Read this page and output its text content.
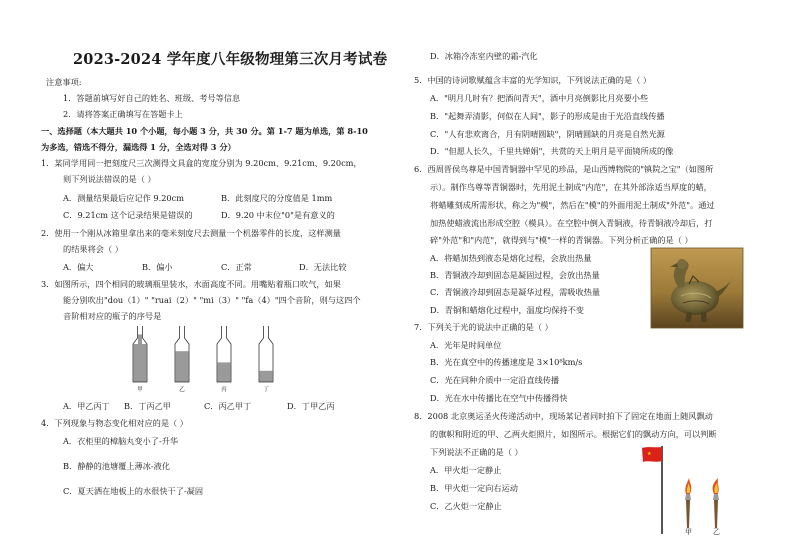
2023-2024 学年度八年级物理第三次月考试卷
注意事项:
1．答题前填写好自己的姓名、班级、考号等信息
2．请将答案正确填写在答题卡上
一、选择题（本大题共 10 个小题，每小题 3 分，共 30 分。第 1-7 题为单选，第 8-10
为多选，错选不得分，漏选得 1 分，全选对得 3 分）
1．某同学用同一把刻度尺三次测得文具盒的宽度分别为 9.20cm、9.21cm、9.20cm，
则下列说法错误的是（ ）
A．测量结果最后应记作 9.20cm	B．此刻度尺的分度值是 1mm
C．9.21cm 这个记录结果是错误的	D．9.20 中末位"0"是有意义的
2．使用一个刚从冰箱里拿出来的毫米刻度尺去测量一个机器零件的长度，这样测量
的结果将会（ ）
A．偏大	B．偏小	C．正常	D．无法比较
3．如图所示，四个相同的玻璃瓶里装水，水面高度不同。用嘴贴着瓶口吹气，如果
能分别吹出"dou（1）" "ruai（2）" "mi（3）" "fa（4）"四个音阶，则与这四个
音阶相对应的瓶子的序号是
甲	乙	丙	丁
A．甲乙丙丁 B．丁丙乙甲	C．丙乙甲丁	D．丁甲乙丙
4．下列现象与物态变化相对应的是（ ）
A．衣柜里的樟脑丸变小了-升华
B．静静的池塘覆上薄冰-液化
C．夏天洒在地板上的水很快干了-凝固
D．冰箱冷冻室内壁的霜-汽化
5．中国的诗词歌赋蕴含丰富的光学知识，下列说法正确的是（ ）
A．"明月几时有？把酒问青天"，酒中月亮倒影比月亮要小些
B．"起舞弄清影，何似在人间"，影子的形成是由于光沿直线传播
C．"人有悲欢离合，月有阴晴圆缺"，阴晴圆缺的月亮是自然光源
D．"但愿人长久，千里共婵娟"，共赏的天上明月是平面镜所成的像
6．西周晋侯鸟尊是中国青铜器中罕见的珍品，是山西博物院的"镇院之宝"（如图所
示）。制作鸟尊等青铜器时，先用泥土制成"内范"，在其外部涂适当厚度的蜡，
将蜡雕刻成所需形状，称之为"模"，然后在"模"的外面用泥土制成"外范"。通过
加热使蜡液流出形成空腔（模具）。在空腔中倒入青铜液，待青铜液冷却后，打
碎"外范"和"内范"，就得到与"模"一样的青铜器。下列分析正确的是（ ）
A．将蜡加热到液态是熔化过程，会放出热量
B．青铜液冷却到固态是凝固过程，会放出热量
C．青铜液冷却到固态是凝华过程，需吸收热量
D．青铜和蜡熔化过程中，温度均保持不变
7．下列关于光的说法中正确的是（ ）
A．光年是时间单位
B．光在真空中的传播速度是 3×10⁸km/s
C．光在同种介质中一定沿直线传播
D．光在水中传播比在空气中传播得快
8．2008 北京奥运圣火传递活动中，现场某记者同时拍下了固定在地面上随风飘动
的旗帜和附近的甲、乙两火炬照片，如图所示。根据它们的飘动方向，可以判断
下列说法不正确的是（ ）
A．甲火炬一定静止
B．甲火炬一定向右运动
C．乙火炬一定静止
★
甲	乙
